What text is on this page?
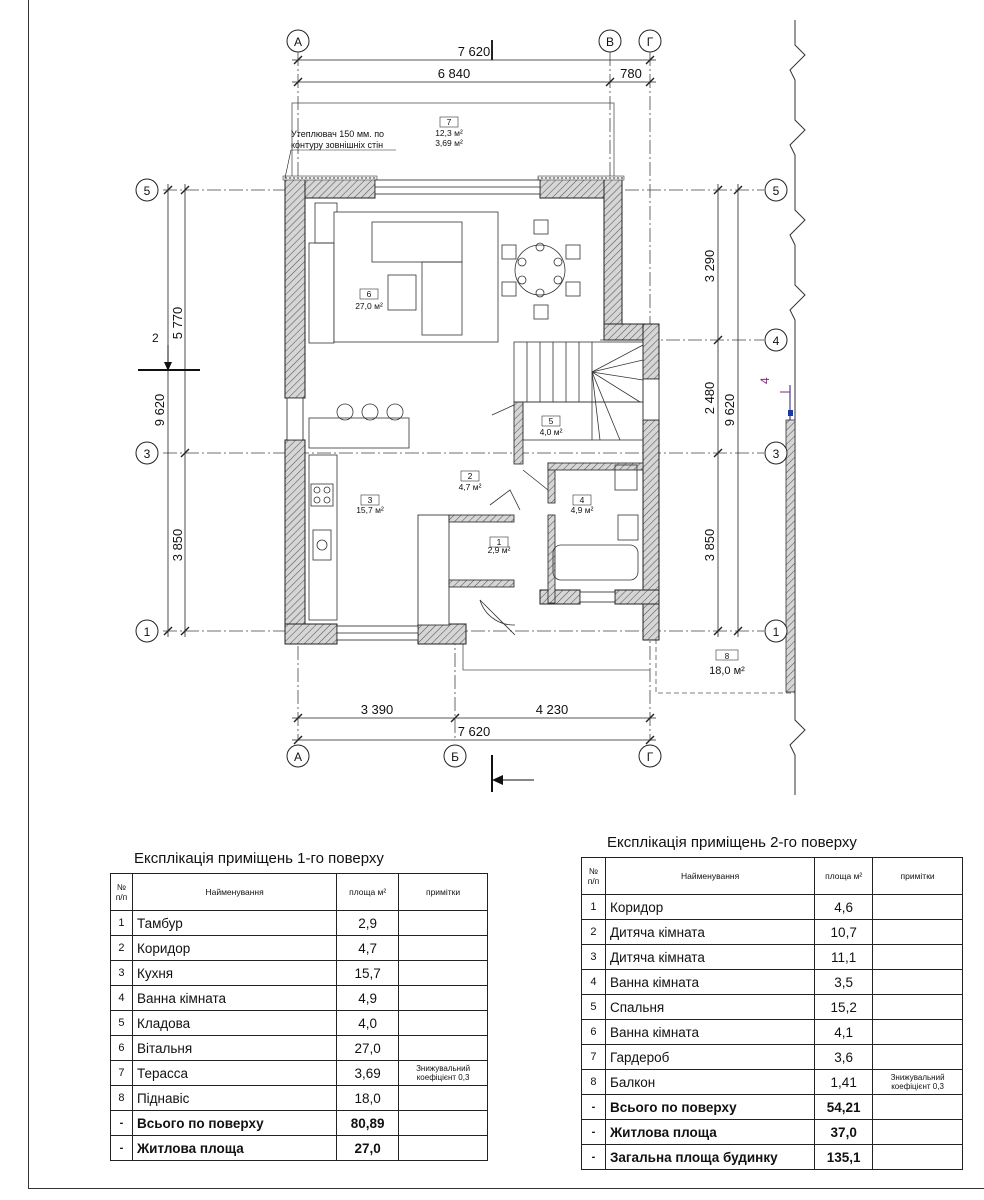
7
12,3 м²
3,69 м²
6
27,0 м²
5
4,0 м²
2
4,7 м²
3
15,7 м²
4
4,9 м²
1
2,9 м²
8
18,0 м²
Утеплювач 150 мм. по
контуру зовнішніх стін
7 620
6 840	780
3 390	4 230
7 620
5 770
9 620
3 850
3 290
2 480 9 620
3 850
А	В	Г
А	Б	Г
5
3
1
5
4
3
1
2
4
Експлікація приміщень 1-го поверху
№ п/п	Найменування	площа м²	примітки
1	Тамбур	2,9	
2	Коридор	4,7	
3	Кухня	15,7	
4	Ванна кімната	4,9	
5	Кладова	4,0	
6	Вітальня	27,0	
7	Терасса	3,69	Знижувальний коефіцієнт 0,3
8	Піднавіс	18,0	
-	Всього по поверху	80,89	
-	Житлова площа	27,0	
Експлікація приміщень 2-го поверху
№ п/п	Найменування	площа м²	примітки
1	Коридор	4,6	
2	Дитяча кімната	10,7	
3	Дитяча кімната	11,1	
4	Ванна кімната	3,5	
5	Спальня	15,2	
6	Ванна кімната	4,1	
7	Гардероб	3,6	
8	Балкон	1,41	Знижувальний коефіцієнт 0,3
-	Всього по поверху	54,21	
-	Житлова площа	37,0	
-	Загальна площа будинку	135,1	
